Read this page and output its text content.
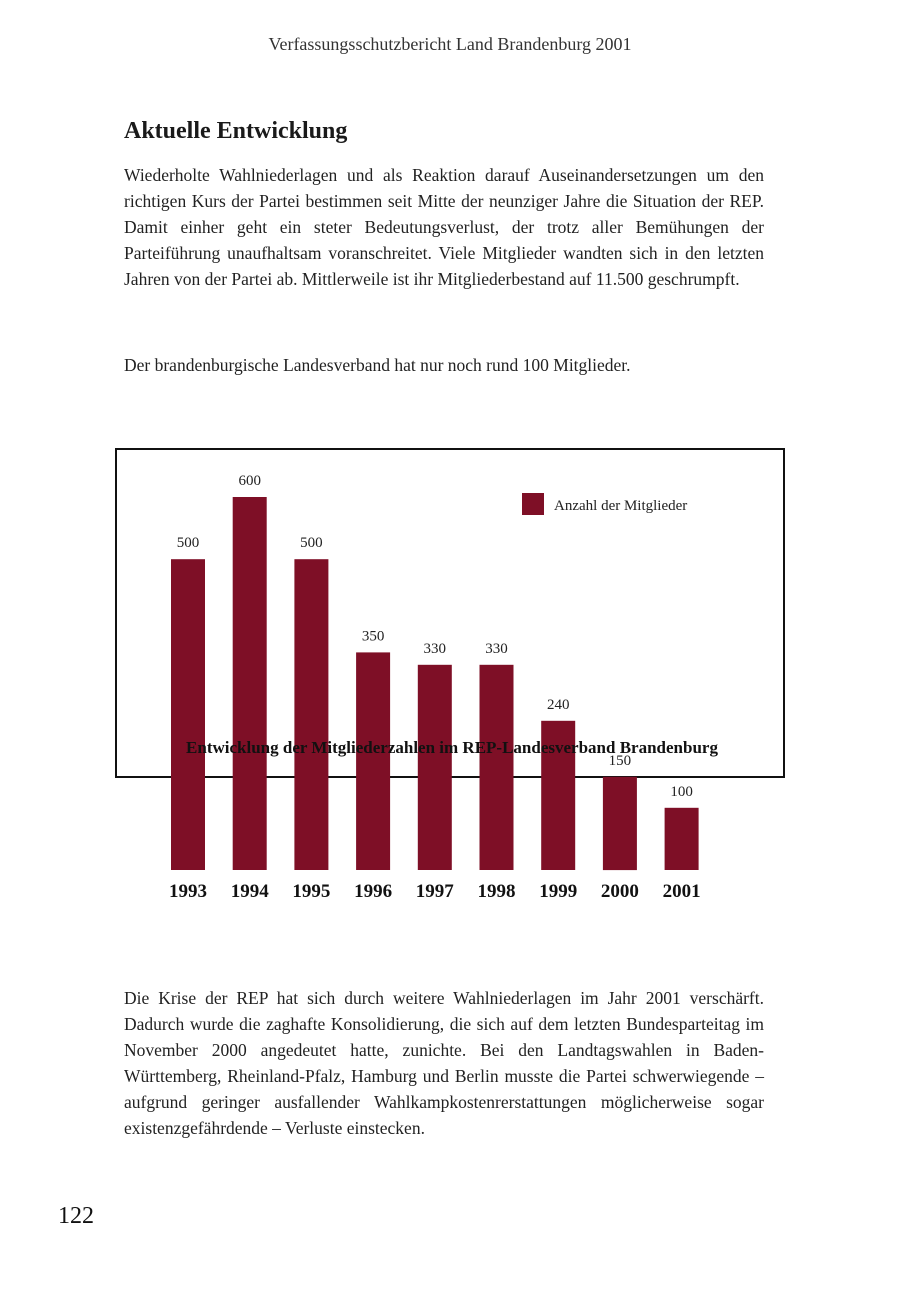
Verfassungsschutzbericht Land Brandenburg 2001
Aktuelle Entwicklung

Wiederholte Wahlniederlagen und als Reaktion darauf Auseinandersetzungen um den richtigen Kurs der Partei bestimmen seit Mitte der neunziger Jahre die Situation der REP. Damit einher geht ein steter Bedeutungsverlust, der trotz aller Bemühungen der Parteiführung unaufhaltsam voranschreitet. Viele Mitglieder wandten sich in den letzten Jahren von der Partei ab. Mittlerweile ist ihr Mitgliederbestand auf 11.500 geschrumpft.

Der brandenburgische Landesverband hat nur noch rund 100 Mitglieder.

500
600
500
350
330	330
240
150
100
1993 1994 1995 1996 1997 1998 1999 2000 2001
Anzahl der Mitglieder
Entwicklung der Mitgliederzahlen im REP-Landesverband Brandenburg

Die Krise der REP hat sich durch weitere Wahlniederlagen im Jahr 2001 verschärft. Dadurch wurde die zaghafte Konsolidierung, die sich auf dem letzten Bundesparteitag im November 2000 angedeutet hatte, zunichte. Bei den Landtagswahlen in Baden-Württemberg, Rheinland-Pfalz, Hamburg und Berlin musste die Partei schwerwiegende – aufgrund geringer ausfallender Wahlkampkostenrerstattungen möglicherweise sogar existenzgefährdende – Verluste einstecken.

122
